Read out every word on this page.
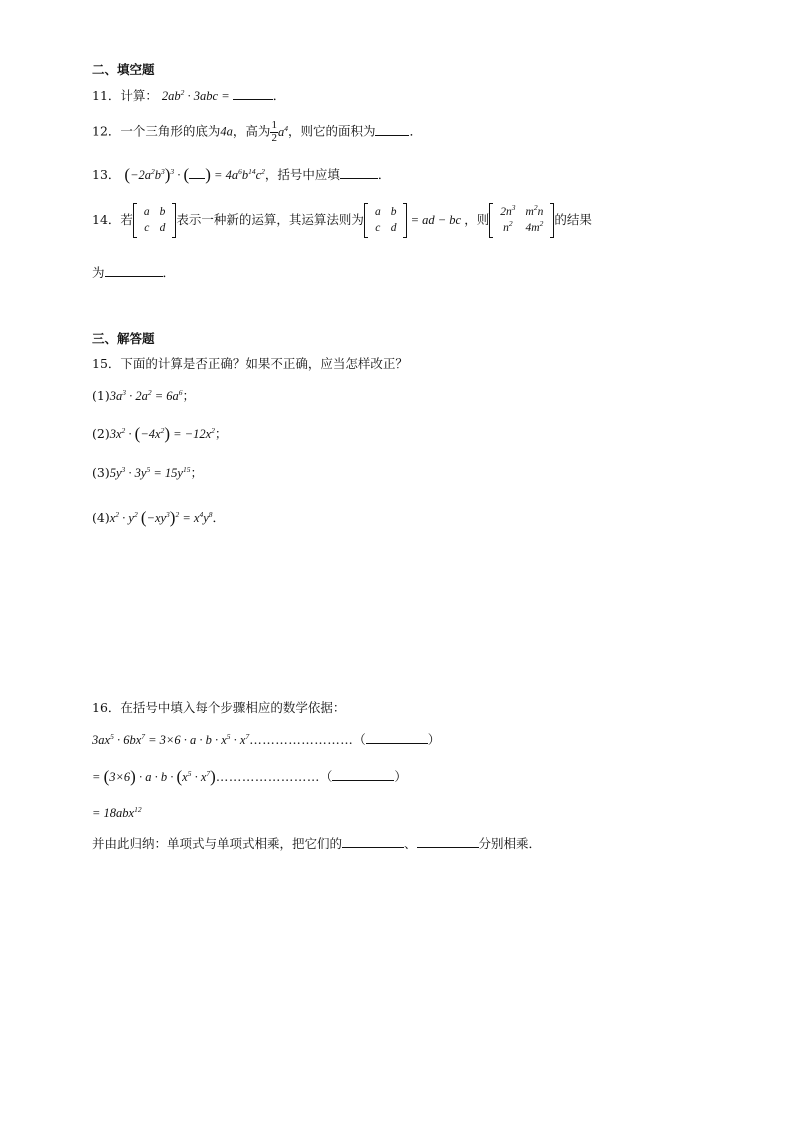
二、填空题
11．计算： $2ab^2 \cdot 3abc$ =	．
12．一个三角形的底为4a，高为 $\frac{1}{2} a^4$，则它的面积为	．
13． $(-2a^2b^3)^3$ · ( ) = $4a^6b^{14}c^2$，括号中应填	．
14．若 a	b
c	d
表示一种新的运算，其运算法则为 a	b
c	d
= ad − bc ，则 $2n^3$	$m^2n$
$n^2$	$4m^2$ 的结果
为	．
三、解答题
15．下面的计算是否正确？如果不正确，应当怎样改正？
$(1)3a^3 \cdot 2a^2 = 6a^6$；
$(2)3x^2 \cdot (-4x^2) = -12x^2$；
$(3)5y^3 \cdot 3y^5 = 15y^{15}$；
$(4)x^2 \cdot y^2$ $(-xy^3)^2 = x^4y^8$．
16．在括号中填入每个步骤相应的数学依据：
$3ax^5 \cdot 6bx^7 = 3\times 6 \cdot a \cdot b \cdot x^5$ · $x^7\dots\dots\dots\dots\dots\dots\dots\dots$（	）
= $(3\times 6) \cdot a \cdot b \cdot (x^5$ · $x^7)\dots\dots\dots\dots\dots\dots\dots\dots$（	）
= 18abx$^{12}$
并由此归纳：单项式与单项式相乘，把它们的	、	分别相乘．
